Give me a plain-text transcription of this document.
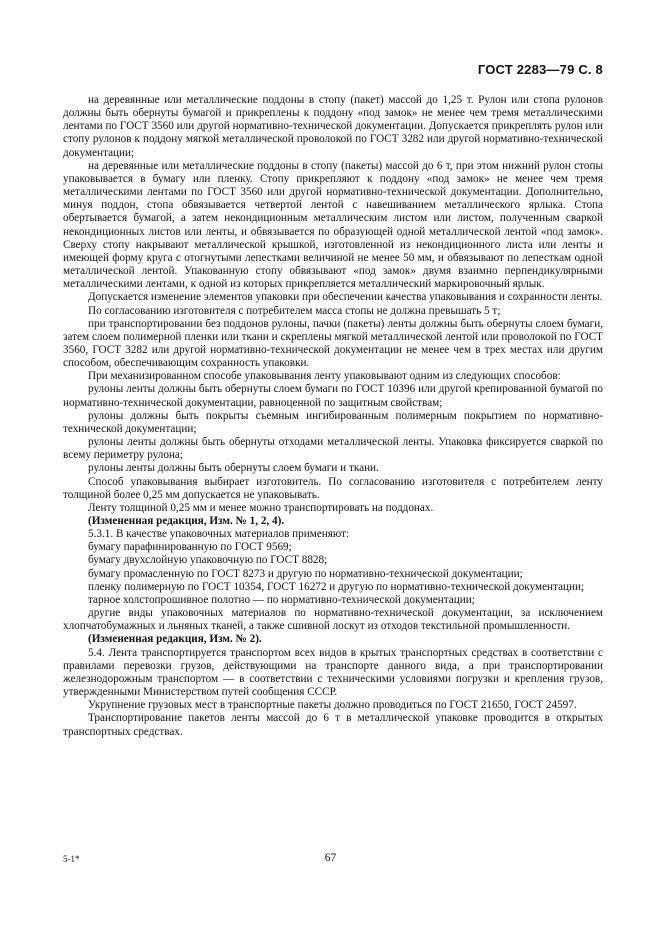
ГОСТ 2283—79 С. 8

на деревянные или металлические поддоны в стопу (пакет) массой до 1,25 т. Рулон или стопа рулонов должны быть обернуты бумагой и прикреплены к поддону «под замок» не менее чем тремя металлическими лентами по ГОСТ 3560 или другой нормативно-технической документации. Допускается прикреплять рулон или стопу рулонов к поддону мягкой металлической проволокой по ГОСТ 3282 или другой нормативно-технической документации;

на деревянные или металлические поддоны в стопу (пакеты) массой до 6 т, при этом нижний рулон стопы упаковывается в бумагу или пленку. Стопу прикрепляют к поддону «под замок» не менее чем тремя металлическими лентами по ГОСТ 3560 или другой нормативно-технической документации. Дополнительно, минуя поддон, стопа обвязывается четвертой лентой с навешиванием металлического ярлыка. Стопа обертывается бумагой, а затем некондиционным металлическим листом или листом, полученным сваркой некондиционных листов или ленты, и обвязывается по образующей одной металлической лентой «под замок». Сверху стопу накрывают металлической крышкой, изготовленной из некондиционного листа или ленты и имеющей форму круга с отогнутыми лепестками величиной не менее 50 мм, и обвязывают по лепесткам одной металлической лентой. Упакованную стопу обвязывают «под замок» двумя взаимно перпендикулярными металлическими лентами, к одной из которых прикрепляется металлический маркировочный ярлык.

Допускается изменение элементов упаковки при обеспечении качества упаковывания и сохранности ленты.

По согласованию изготовителя с потребителем масса стопы не должна превышать 5 т;

при транспортировании без поддонов рулоны, пачки (пакеты) ленты должны быть обернуты слоем бумаги, затем слоем полимерной пленки или ткани и скреплены мягкой металлической лентой или проволокой по ГОСТ 3560, ГОСТ 3282 или другой нормативно-технической документации не менее чем в трех местах или другим способом, обеспечивающим сохранность упаковки.

При механизированном способе упаковывания ленту упаковывают одним из следующих способов:

рулоны ленты должны быть обернуты слоем бумаги по ГОСТ 10396 или другой крепированной бумагой по нормативно-технической документации, равноценной по защитным свойствам;

рулоны должны быть покрыты съемным ингибированным полимерным покрытием по нормативно-технической документации;

рулоны ленты должны быть обернуты отходами металлической ленты. Упаковка фиксируется сваркой по всему периметру рулона;

рулоны ленты должны быть обернуты слоем бумаги и ткани.

Способ упаковывания выбирает изготовитель. По согласованию изготовителя с потребителем ленту толщиной более 0,25 мм допускается не упаковывать.

Ленту толщиной 0,25 мм и менее можно транспортировать на поддонах.

(Измененная редакция, Изм. № 1, 2, 4).

5.3.1. В качестве упаковочных материалов применяют:

бумагу парафинированную по ГОСТ 9569;

бумагу двухслойную упаковочную по ГОСТ 8828;

бумагу промасленную по ГОСТ 8273 и другую по нормативно-технической документации;

пленку полимерную по ГОСТ 10354, ГОСТ 16272 и другую по нормативно-технической документации;

тарное холстопрошивное полотно — по нормативно-технической документации;

другие виды упаковочных материалов по нормативно-технической документации, за исключением хлопчатобумажных и льняных тканей, а также сшивной лоскут из отходов текстильной промышленности.

(Измененная редакция, Изм. № 2).

5.4. Лента транспортируется транспортом всех видов в крытых транспортных средствах в соответствии с правилами перевозки грузов, действующими на транспорте данного вида, а при транспортировании железнодорожным транспортом — в соответствии с техническими условиями погрузки и крепления грузов, утвержденными Министерством путей сообщения СССР.

Укрупнение грузовых мест в транспортные пакеты должно проводиться по ГОСТ 21650, ГОСТ 24597.

Транспортирование пакетов ленты массой до 6 т в металлической упаковке проводится в открытых транспортных средствах.

5-1*	67
